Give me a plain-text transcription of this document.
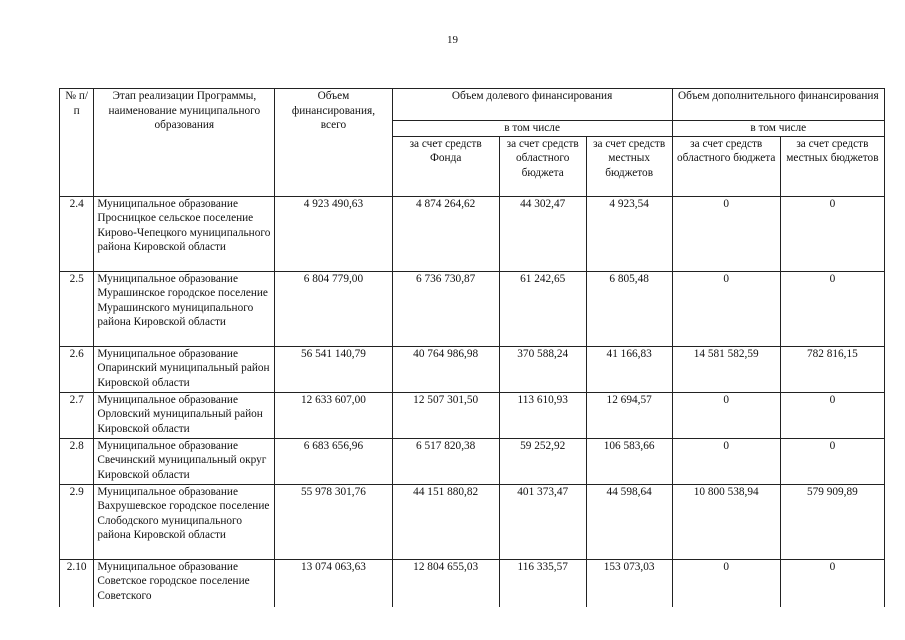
19
№ п/п	Этап реализации Программы, наименование муниципального образования	Объем финансирования, всего	Объем долевого финансирования			Объем дополнительного финансирования	
			в том числе			в том числе	
			за счет средств Фонда	за счет средств областного бюджета	за счет средств местных бюджетов	за счет средств областного бюджета	за счет средств местных бюджетов
2.4	Муниципальное образование Просницкое сельское поселение Кирово-Чепецкого муниципального района Кировской области	4 923 490,63	4 874 264,62	44 302,47	4 923,54	0	0
2.5	Муниципальное образование Мурашинское городское поселение Мурашинского муниципального района Кировской области	6 804 779,00	6 736 730,87	61 242,65	6 805,48	0	0
2.6	Муниципальное образование Опаринский муниципальный район Кировской области	56 541 140,79	40 764 986,98	370 588,24	41 166,83	14 581 582,59	782 816,15
2.7	Муниципальное образование Орловский муниципальный район Кировской области	12 633 607,00	12 507 301,50	113 610,93	12 694,57	0	0
2.8	Муниципальное образование Свечинский муниципальный округ Кировской области	6 683 656,96	6 517 820,38	59 252,92	106 583,66	0	0
2.9	Муниципальное образование Вахрушевское городское поселение Слободского муниципального района Кировской области	55 978 301,76	44 151 880,82	401 373,47	44 598,64	10 800 538,94	579 909,89
2.10	Муниципальное образование Советское городское поселение Советского	13 074 063,63	12 804 655,03	116 335,57	153 073,03	0	0
